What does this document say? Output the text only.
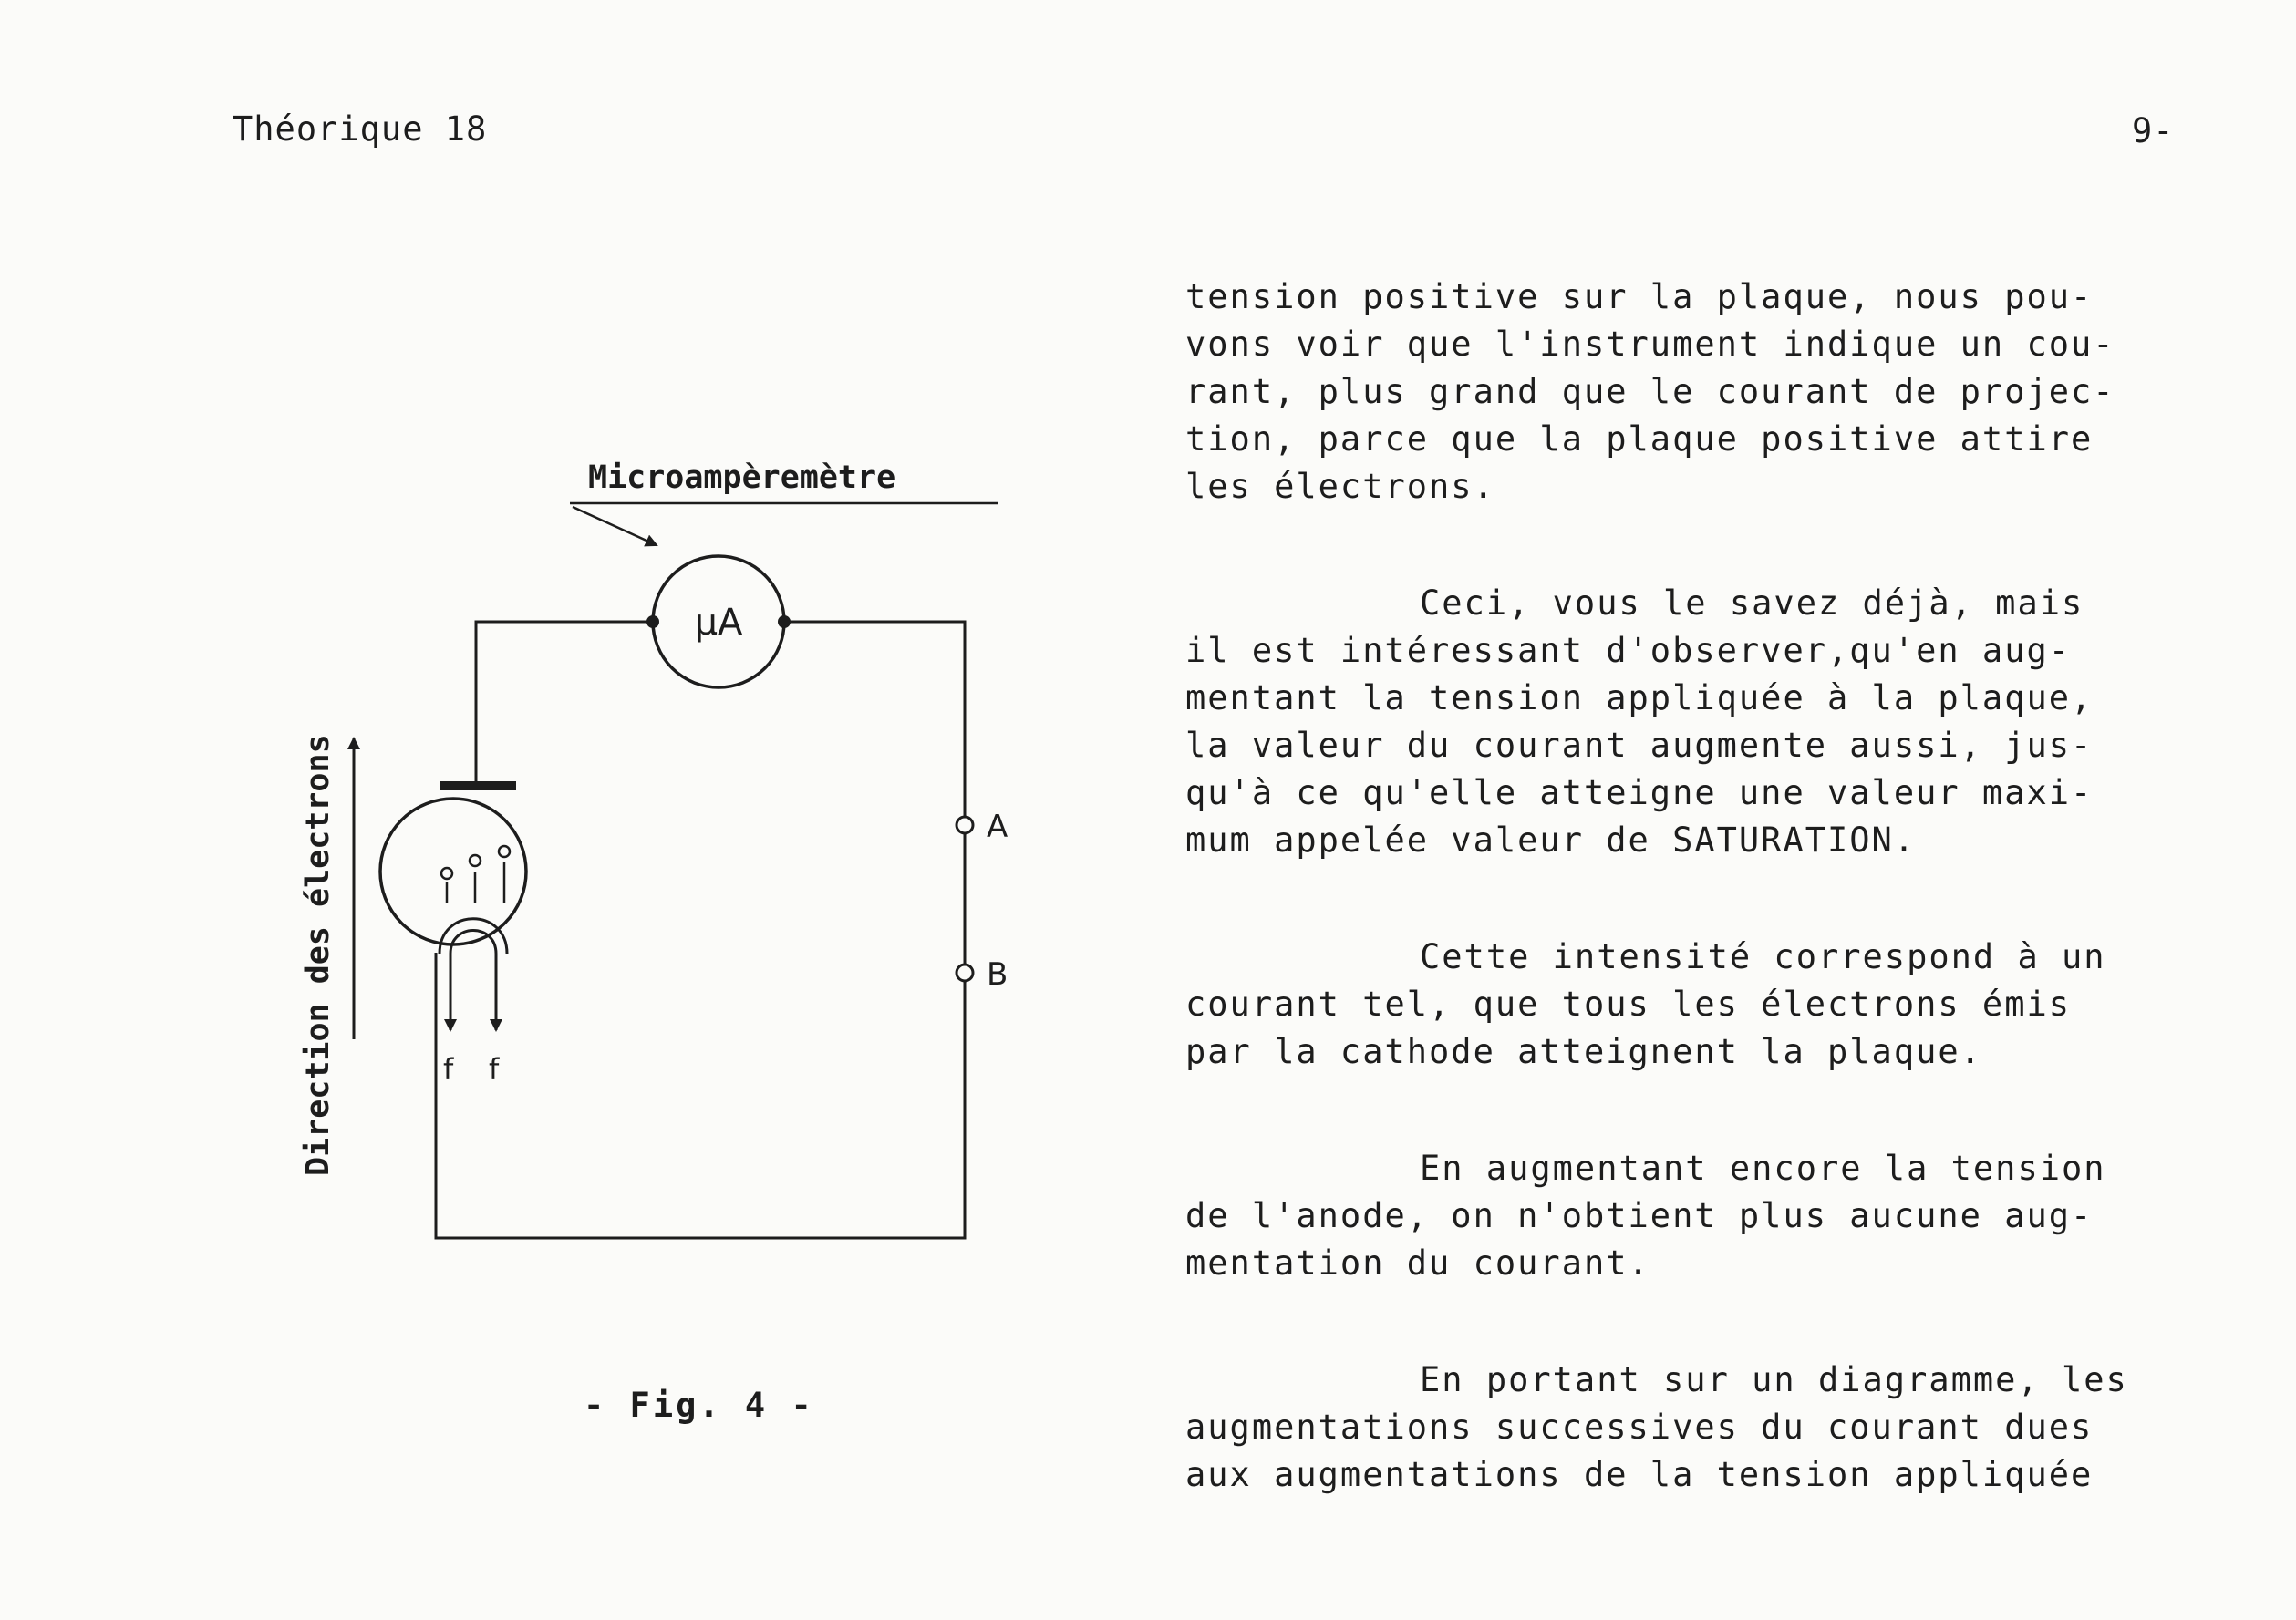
Théorique 18	9-
Microampèremètre
µA
A
B
f f
Direction des électrons
- Fig. 4 -
tension positive sur la plaque, nous pou-
vons voir que l'instrument indique un cou-
rant, plus grand que le courant de projec-
tion, parce que la plaque positive attire
les électrons.
Ceci, vous le savez déjà, mais
il est intéressant d'observer,qu'en aug-
mentant la tension appliquée à la plaque,
la valeur du courant augmente aussi, jus-
qu'à ce qu'elle atteigne une valeur maxi-
mum appelée valeur de SATURATION.
Cette intensité correspond à un
courant tel, que tous les électrons émis
par la cathode atteignent la plaque.
En augmentant encore la tension
de l'anode, on n'obtient plus aucune aug-
mentation du courant.
En portant sur un diagramme, les
augmentations successives du courant dues
aux augmentations de la tension appliquée
